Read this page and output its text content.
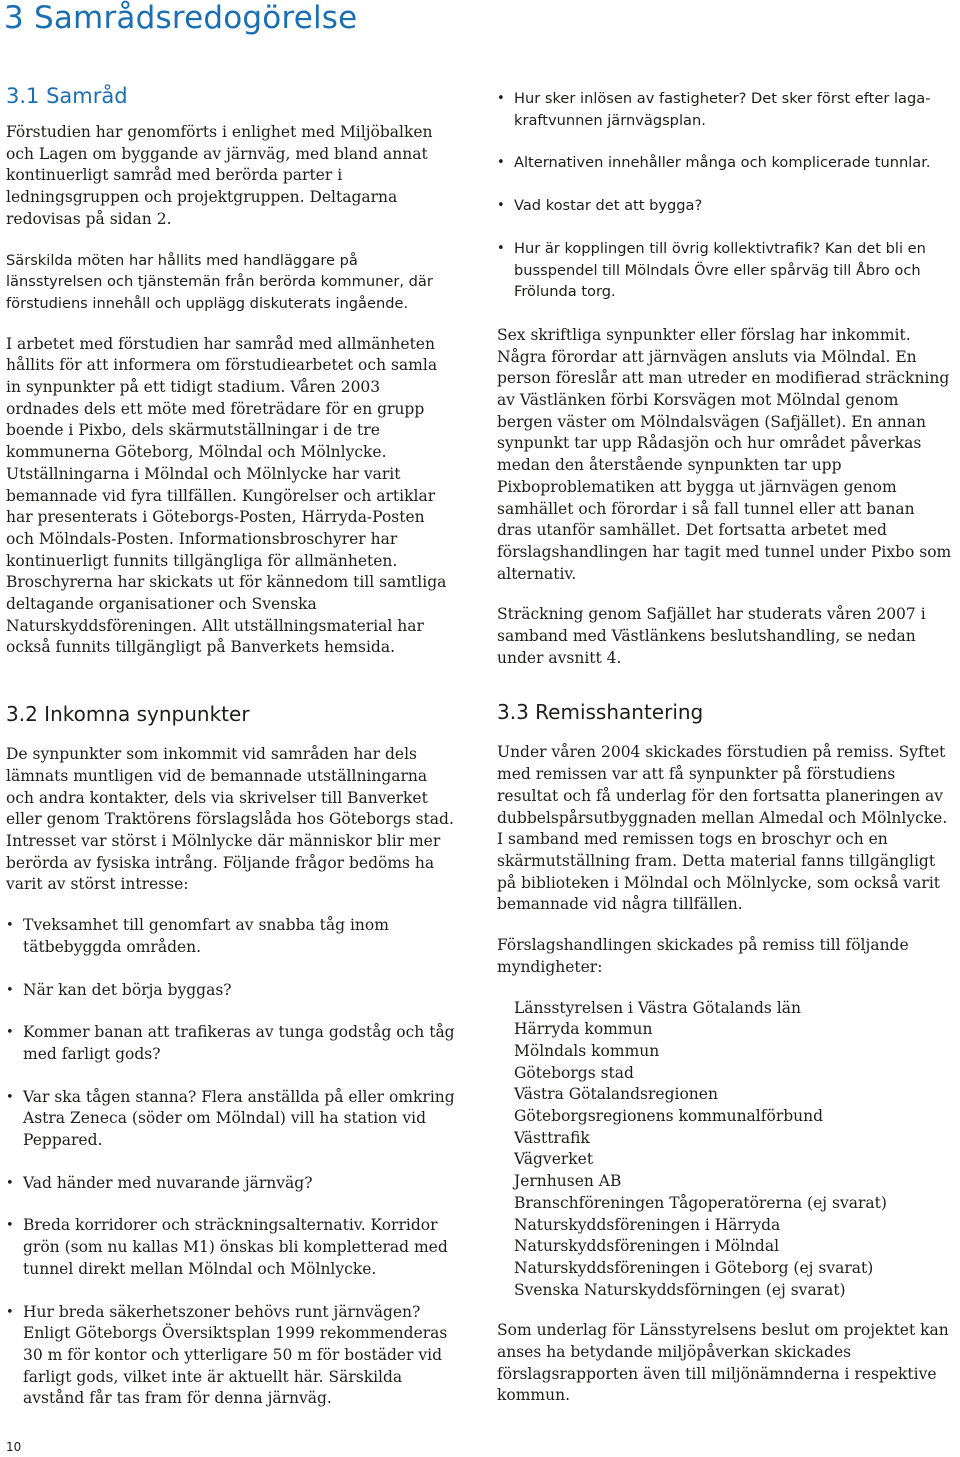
3 Samrådsredogörelse
3.1 Samråd

Förstudien har genomförts i enlighet med Miljöbalken och Lagen om byggande av järnväg, med bland annat kontinuerligt samråd med berörda parter i ledningsgruppen och projektgruppen. Deltagarna redovisas på sidan 2.

Särskilda möten har hållits med handläggare på länsstyrelsen och tjänstemän från berörda kommuner, där förstudiens innehåll och upplägg diskuterats ingående.

I arbetet med förstudien har samråd med allmänheten hållits för att informera om förstudiearbetet och samla in synpunkter på ett tidigt stadium. Våren 2003 ordnades dels ett möte med företrädare för en grupp boende i Pixbo, dels skärmutställningar i de tre kommunerna Göteborg, Mölndal och Mölnlycke. Utställningarna i Mölndal och Mölnlycke har varit bemannade vid fyra tillfällen. Kungörelser och artiklar har presenterats i Göteborgs-Posten, Härryda-Posten och Mölndals-Posten. Informationsbroschyrer har kontinuerligt funnits tillgängliga för allmänheten. Broschyrerna har skickats ut för kännedom till samtliga deltagande organisationer och Svenska Naturskyddsföreningen. Allt utställningsmaterial har också funnits tillgängligt på Banverkets hemsida.

3.2 Inkomna synpunkter

De synpunkter som inkommit vid samråden har dels lämnats muntligen vid de bemannade utställningarna och andra kontakter, dels via skrivelser till Banverket eller genom Traktörens förslagslåda hos Göteborgs stad. Intresset var störst i Mölnlycke där människor blir mer berörda av fysiska intrång. Följande frågor bedöms ha varit av störst intresse:

• Tveksamhet till genomfart av snabba tåg inom tätbebyggda områden.
• När kan det börja byggas?
• Kommer banan att trafikeras av tunga godståg och tåg med farligt gods?
• Var ska tågen stanna? Flera anställda på eller omkring Astra Zeneca (söder om Mölndal) vill ha station vid Peppared.
• Vad händer med nuvarande järnväg?
• Breda korridorer och sträckningsalternativ. Korridor grön (som nu kallas M1) önskas bli kompletterad med tunnel direkt mellan Mölndal och Mölnlycke.
• Hur breda säkerhetszoner behövs runt järnvägen? Enligt Göteborgs Översiktsplan 1999 rekommenderas 30 m för kontor och ytterligare 50 m för bostäder vid farligt gods, vilket inte är aktuellt här. Särskilda avstånd får tas fram för denna järnväg.
• Hur sker inlösen av fastigheter? Det sker först efter laga-kraftvunnen järnvägsplan.
• Alternativen innehåller många och komplicerade tunnlar.
• Vad kostar det att bygga?
• Hur är kopplingen till övrig kollektivtrafik? Kan det bli en busspendel till Mölndals Övre eller spårväg till Åbro och Frölunda torg.

Sex skriftliga synpunkter eller förslag har inkommit. Några förordar att järnvägen ansluts via Mölndal. En person föreslår att man utreder en modifierad sträckning av Västlänken förbi Korsvägen mot Mölndal genom bergen väster om Mölndalsvägen (Safjället). En annan synpunkt tar upp Rådasjön och hur området påverkas medan den återstående synpunkten tar upp Pixboproblematiken att bygga ut järnvägen genom samhället och förordar i så fall tunnel eller att banan dras utanför samhället. Det fortsatta arbetet med förslagshandlingen har tagit med tunnel under Pixbo som alternativ.

Sträckning genom Safjället har studerats våren 2007 i samband med Västlänkens beslutshandling, se nedan under avsnitt 4.

3.3 Remisshantering

Under våren 2004 skickades förstudien på remiss. Syftet med remissen var att få synpunkter på förstudiens resultat och få underlag för den fortsatta planeringen av dubbelspårsutbyggnaden mellan Almedal och Mölnlycke. I samband med remissen togs en broschyr och en skärmutställning fram. Detta material fanns tillgängligt på biblioteken i Mölndal och Mölnlycke, som också varit bemannade vid några tillfällen.

Förslagshandlingen skickades på remiss till följande myndigheter:

Länsstyrelsen i Västra Götalands län
Härryda kommun
Mölndals kommun
Göteborgs stad
Västra Götalandsregionen
Göteborgsregionens kommunalförbund
Västtrafik
Vägverket
Jernhusen AB
Branschföreningen Tågoperatörerna (ej svarat)
Naturskyddsföreningen i Härryda
Naturskyddsföreningen i Mölndal
Naturskyddsföreningen i Göteborg (ej svarat)
Svenska Naturskyddsförningen (ej svarat)

Som underlag för Länsstyrelsens beslut om projektet kan anses ha betydande miljöpåverkan skickades förslagsrapporten även till miljönämnderna i respektive kommun.

10
